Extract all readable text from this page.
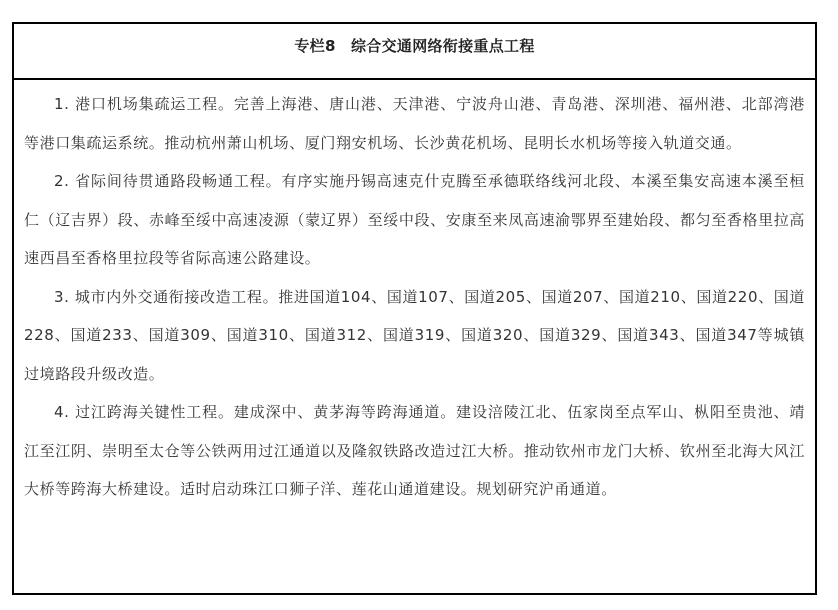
专栏8　综合交通网络衔接重点工程

1. 港口机场集疏运工程。完善上海港、唐山港、天津港、宁波舟山港、青岛港、深圳港、福州港、北部湾港等港口集疏运系统。推动杭州萧山机场、厦门翔安机场、长沙黄花机场、昆明长水机场等接入轨道交通。

2. 省际间待贯通路段畅通工程。有序实施丹锡高速克什克腾至承德联络线河北段、本溪至集安高速本溪至桓仁（辽吉界）段、赤峰至绥中高速凌源（蒙辽界）至绥中段、安康至来凤高速渝鄂界至建始段、都匀至香格里拉高速西昌至香格里拉段等省际高速公路建设。

3. 城市内外交通衔接改造工程。推进国道104、国道107、国道205、国道207、国道210、国道220、国道228、国道233、国道309、国道310、国道312、国道319、国道320、国道329、国道343、国道347等城镇过境路段升级改造。

4. 过江跨海关键性工程。建成深中、黄茅海等跨海通道。建设涪陵江北、伍家岗至点军山、枞阳至贵池、靖江至江阴、崇明至太仓等公铁两用过江通道以及隆叙铁路改造过江大桥。推动钦州市龙门大桥、钦州至北海大风江大桥等跨海大桥建设。适时启动珠江口狮子洋、莲花山通道建设。规划研究沪甬通道。
